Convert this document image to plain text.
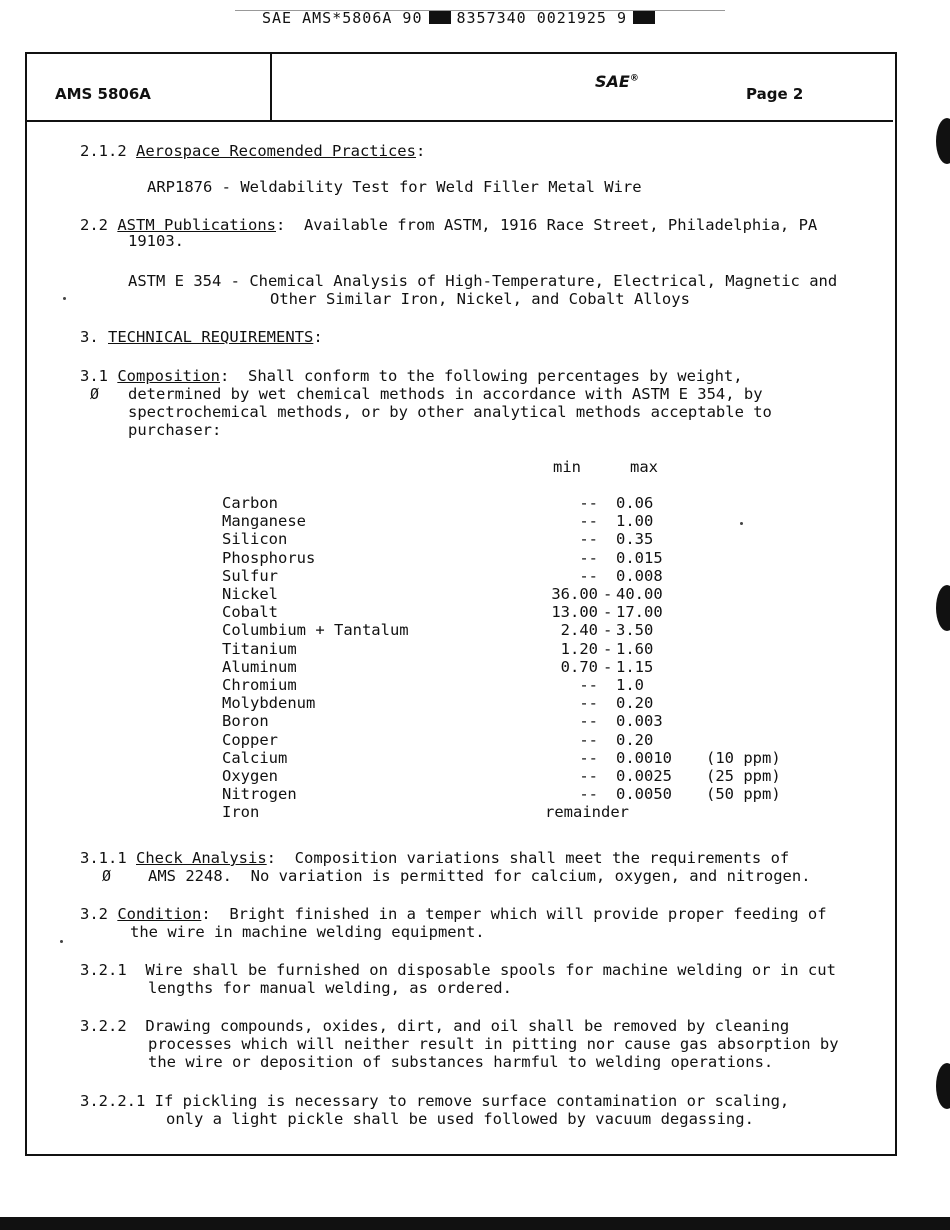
SAE AMS*5806A 90 8357340 0021925 9
AMS 5806A
SAE®
Page 2
2.1.2 Aerospace Recomended Practices:
ARP1876 - Weldability Test for Weld Filler Metal Wire
2.2 ASTM Publications:  Available from ASTM, 1916 Race Street, Philadelphia, PA
19103.
ASTM E 354 - Chemical Analysis of High-Temperature, Electrical, Magnetic and
Other Similar Iron, Nickel, and Cobalt Alloys
3. TECHNICAL REQUIREMENTS:
3.1 Composition:  Shall conform to the following percentages by weight,
Ø determined by wet chemical methods in accordance with ASTM E 354, by
spectrochemical methods, or by other analytical methods acceptable to
purchaser:
min	max
Carbon	-- 0.06
Manganese	-- 1.00
Silicon	-- 0.35
Phosphorus	-- 0.015
Sulfur	-- 0.008
Nickel	36.00 - 40.00
Cobalt	13.00 - 17.00
Columbium + Tantalum	2.40 - 3.50
Titanium	1.20 - 1.60
Aluminum	0.70 - 1.15
Chromium	-- 1.0
Molybdenum	-- 0.20
Boron	-- 0.003
Copper	-- 0.20
Calcium	-- 0.0010 (10 ppm)
Oxygen	-- 0.0025 (25 ppm)
Nitrogen	-- 0.0050 (50 ppm)
Iron	remainder
3.1.1 Check Analysis:  Composition variations shall meet the requirements of
Ø AMS 2248.  No variation is permitted for calcium, oxygen, and nitrogen.
3.2 Condition:  Bright finished in a temper which will provide proper feeding of
the wire in machine welding equipment.
3.2.1 Wire shall be furnished on disposable spools for machine welding or in cut
lengths for manual welding, as ordered.
3.2.2 Drawing compounds, oxides, dirt, and oil shall be removed by cleaning
processes which will neither result in pitting nor cause gas absorption by
the wire or deposition of substances harmful to welding operations.
3.2.2.1 If pickling is necessary to remove surface contamination or scaling,
only a light pickle shall be used followed by vacuum degassing.
